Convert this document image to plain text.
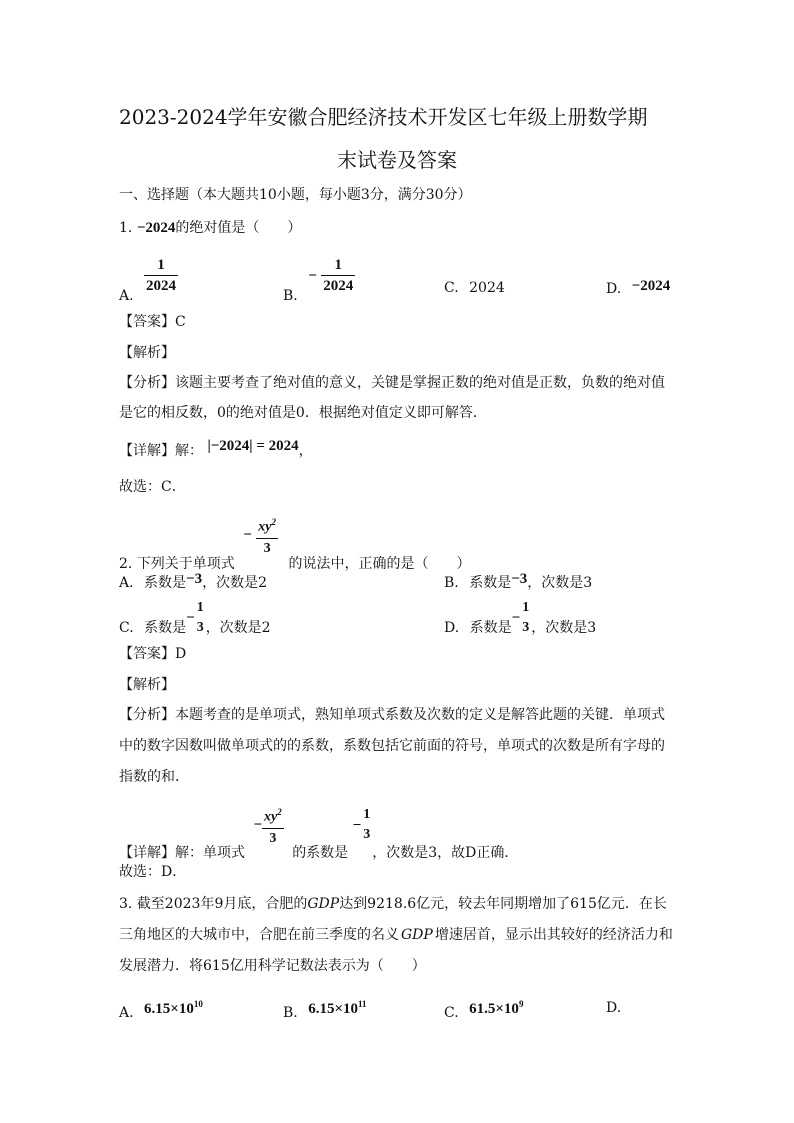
2023-2024学年安徽合肥经济技术开发区七年级上册数学期
末试卷及答案
一、选择题（本大题共10小题，每小题3分，满分30分）
1. −2024的绝对值是（　　）
A. $\frac{1}{2024}$	B. − $\frac{1}{2024}$	C. 2024	D. −2024
【答案】C
【解析】
【分析】该题主要考查了绝对值的意义，关键是掌握正数的绝对值是正数，负数的绝对值
是它的相反数，0的绝对值是0．根据绝对值定义即可解答．
【详解】解： |−2024| = 2024，
故选：C．
2. 下列关于单项式 − $\frac{xy^2}{3}$
的说法中，正确的是（　　）
A. 系数是−3，次数是2	B. 系数是−3，次数是3
C. 系数是−
1
3 ，次数是2	D. 系数是−
1
3 ，次数是3
【答案】D
【解析】
【分析】本题考查的是单项式，熟知单项式系数及次数的定义是解答此题的关键．单项式
中的数字因数叫做单项式的的系数，系数包括它前面的符号，单项式的次数是所有字母的
指数的和．
【详解】解：单项式 − $\frac{xy^2}{3}$
的系数是 −
1
3
，次数是3，故D正确．
故选：D．
3. 截至2023年9月底，合肥的GDP达到9218.6亿元，较去年同期增加了615亿元．在长
三角地区的大城市中，合肥在前三季度的名义 GDP 增速居首，显示出其较好的经济活力和
发展潜力．将615亿用科学记数法表示为（　　）
A. $6.15\times 10^{10}$
B. $6.15\times 10^{11}$
C. $61.5\times 10^9$	D.
